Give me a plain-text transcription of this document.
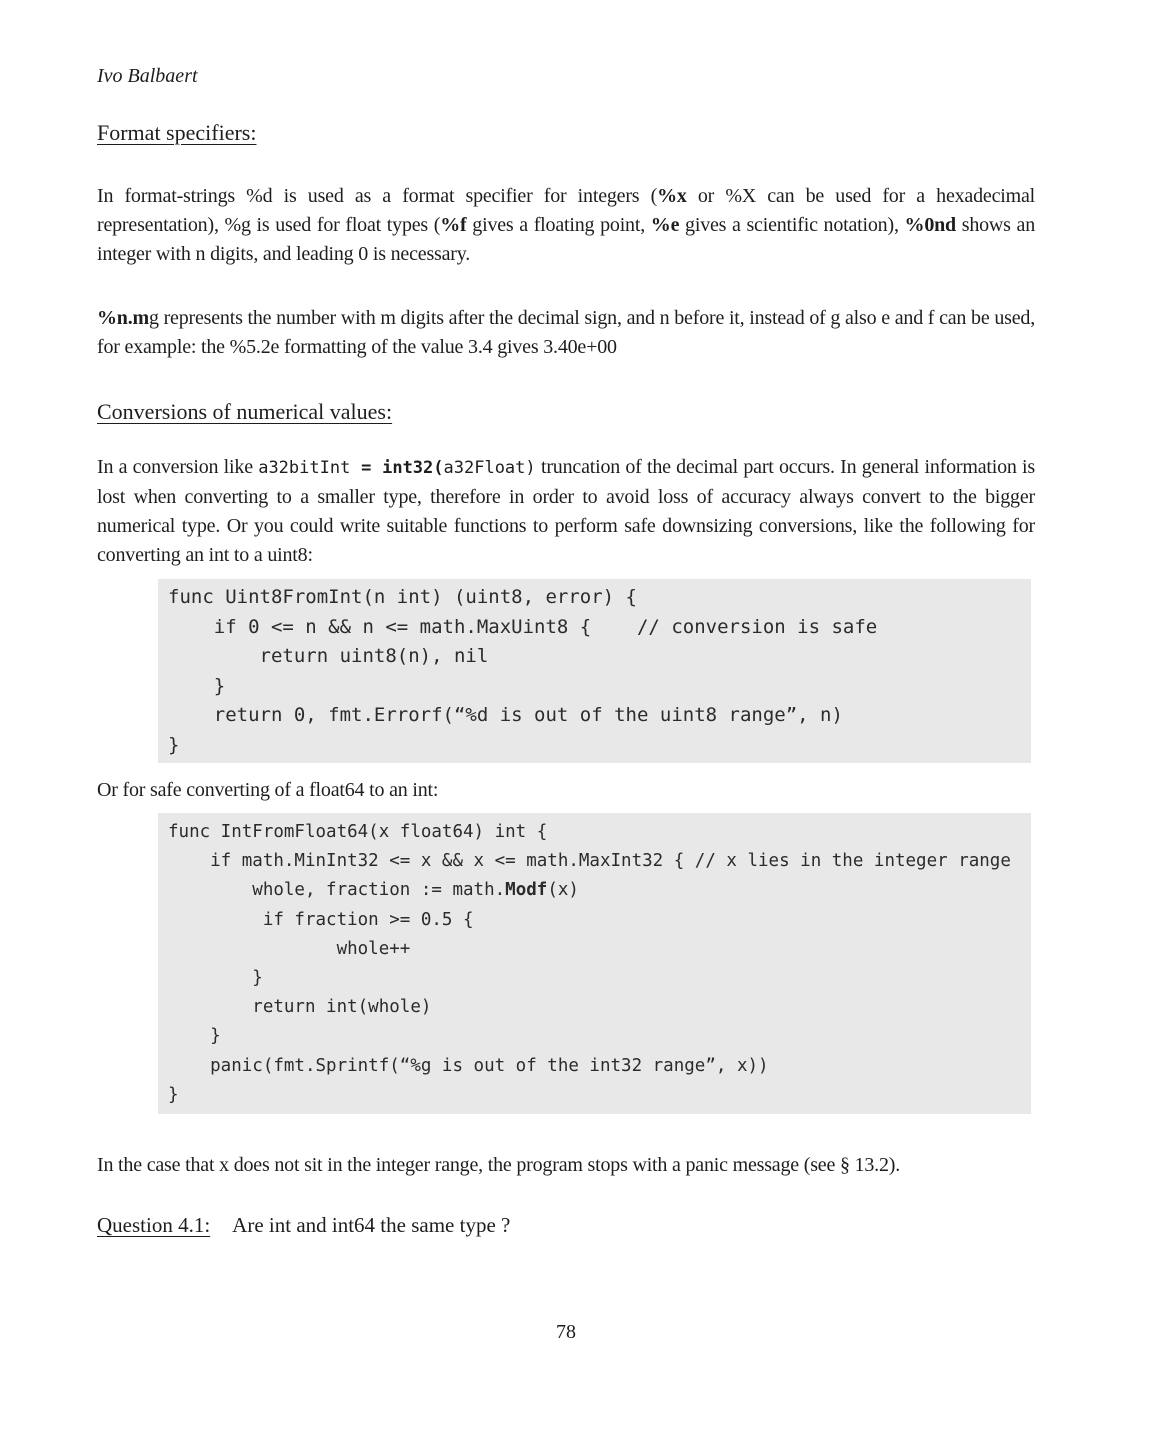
Ivo Balbaert
Format specifiers:

In format-strings %d is used as a format specifier for integers (%x or %X can be used for a hexadecimal representation), %g is used for float types (%f gives a floating point, %e gives a scientific notation), %0nd shows an integer with n digits, and leading 0 is necessary.

%n.mg represents the number with m digits after the decimal sign, and n before it, instead of g also e and f can be used, for example: the %5.2e formatting of the value 3.4 gives 3.40e+00

Conversions of numerical values:

In a conversion like a32bitInt = int32(a32Float) truncation of the decimal part occurs. In general information is lost when converting to a smaller type, therefore in order to avoid loss of accuracy always convert to the bigger numerical type. Or you could write suitable functions to perform safe downsizing conversions, like the following for converting an int to a uint8:

func Uint8FromInt(n int) (uint8, error) {
if 0 <= n && n <= math.MaxUint8 {    // conversion is safe
return uint8(n), nil
}
return 0, fmt.Errorf(“%d is out of the uint8 range”, n)
}

Or for safe converting of a float64 to an int:

func IntFromFloat64(x float64) int {
if math.MinInt32 <= x && x <= math.MaxInt32 { // x lies in the integer range
whole, fraction := math.Modf(x)
if fraction >= 0.5 {
whole++
}
return int(whole)
}
panic(fmt.Sprintf(“%g is out of the int32 range”, x))
}

In the case that x does not sit in the integer range, the program stops with a panic message (see § 13.2).

Question 4.1: Are int and int64 the same type ?
78
